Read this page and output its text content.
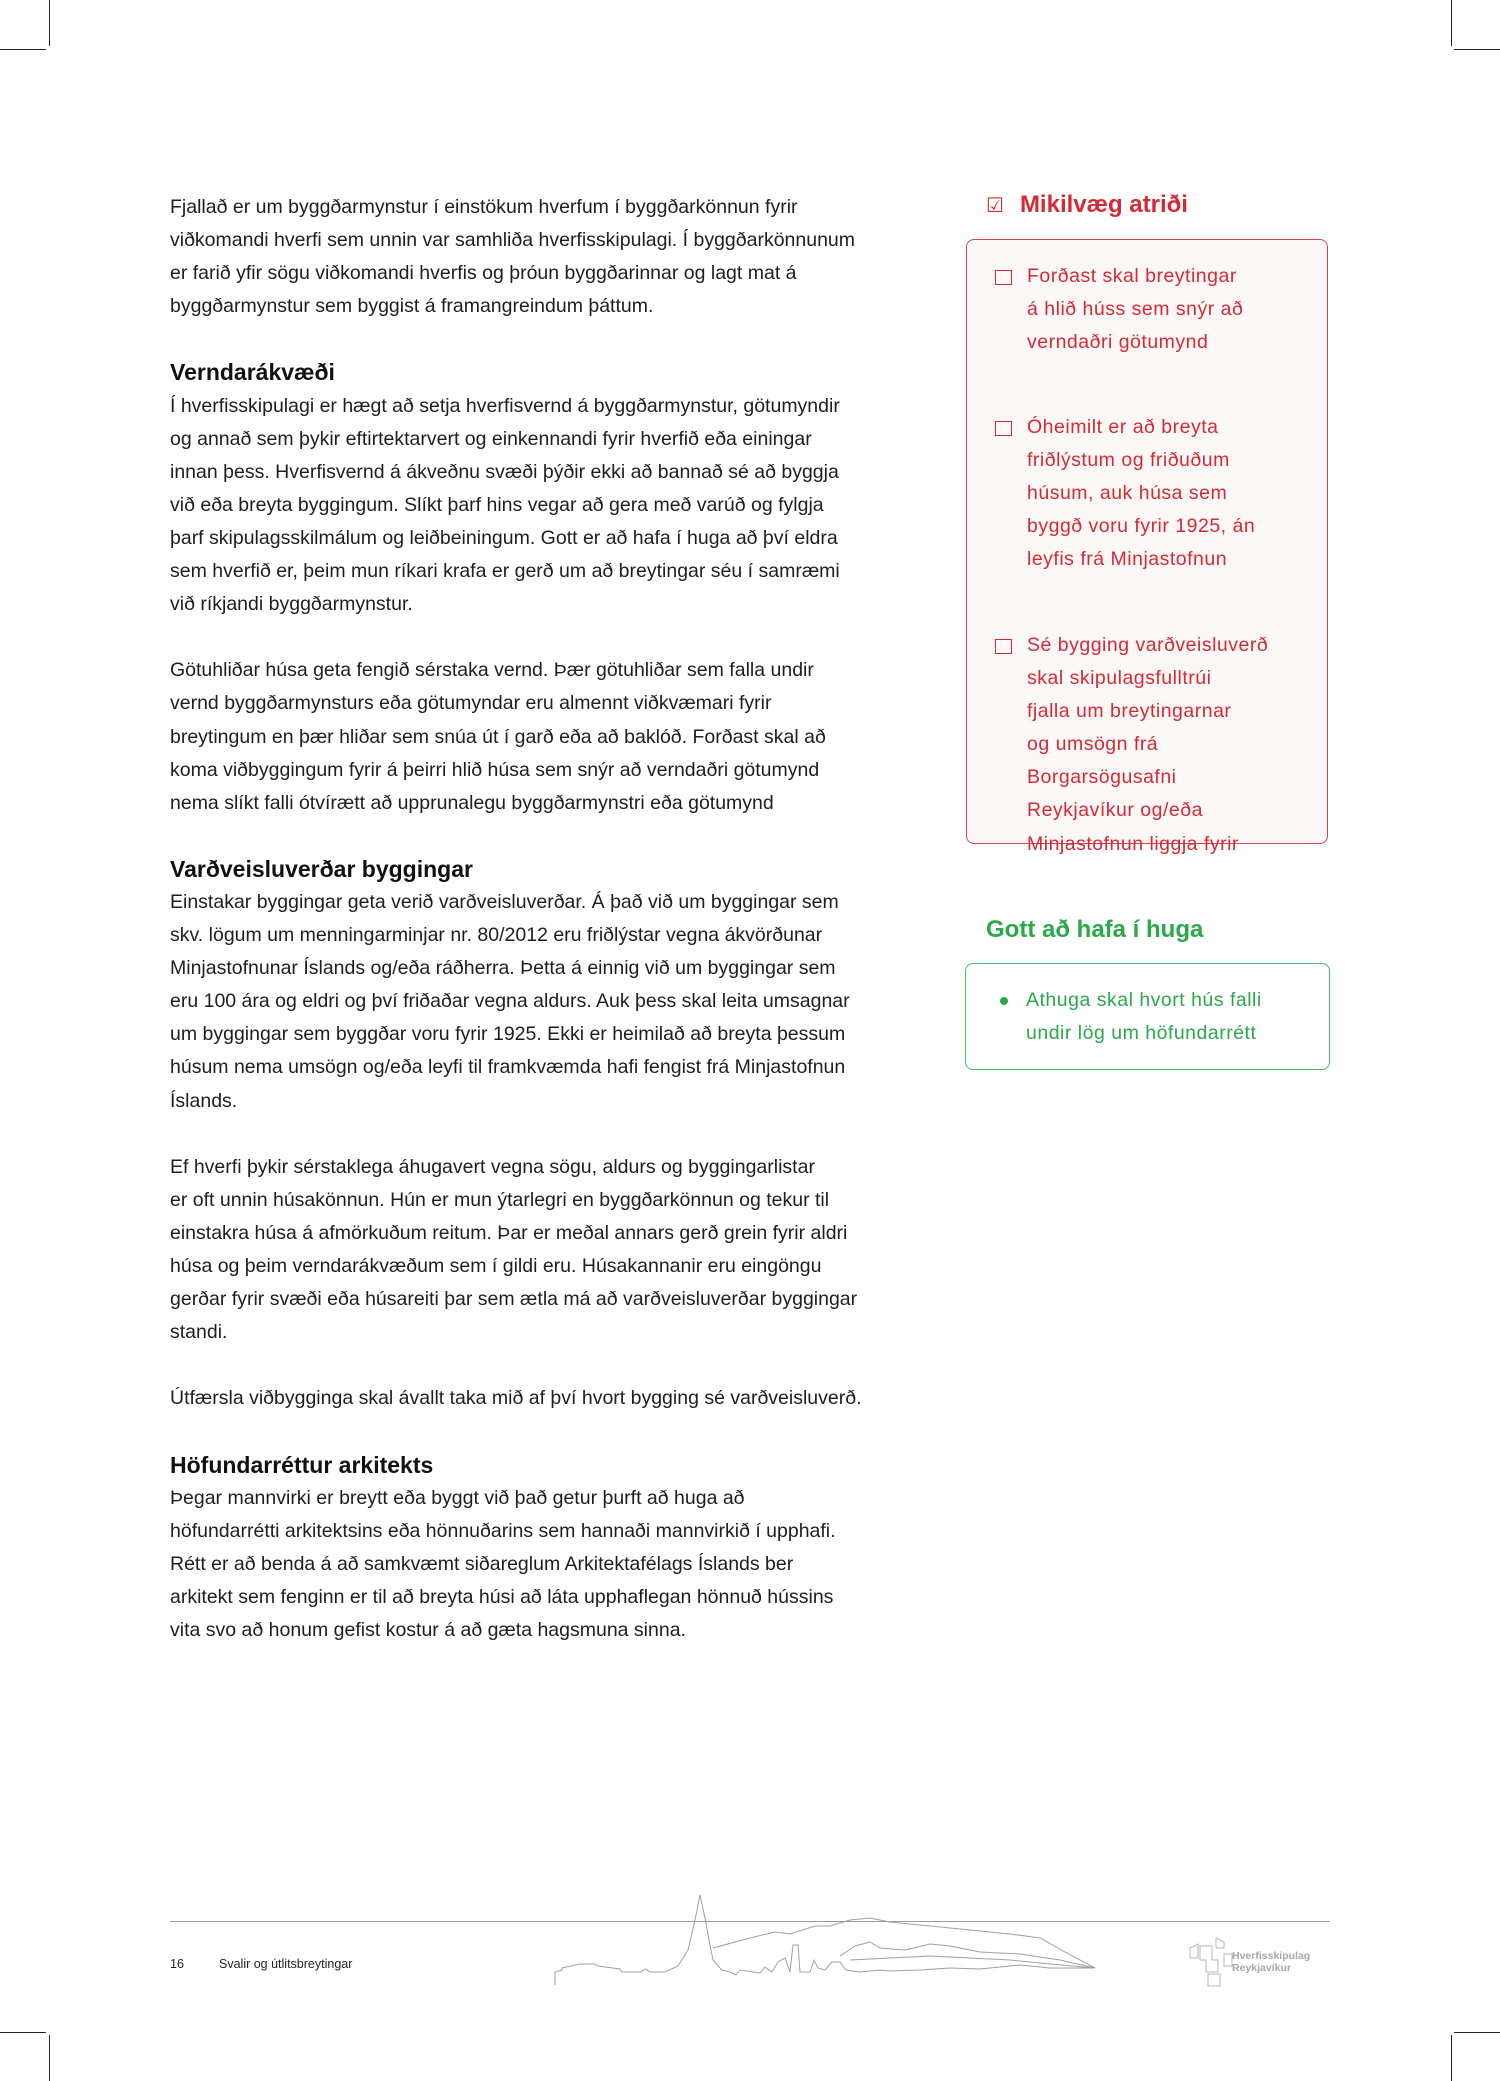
Fjallað er um byggðarmynstur í einstökum hverfum í byggðarkönnun fyrir
viðkomandi hverfi sem unnin var samhliða hverfisskipulagi. Í byggðarkönnunum
er farið yfir sögu viðkomandi hverfis og þróun byggðarinnar og lagt mat á
byggðarmynstur sem byggist á framangreindum þáttum.
Verndarákvæði
Í hverfisskipulagi er hægt að setja hverfisvernd á byggðarmynstur, götumyndir
og annað sem þykir eftirtektarvert og einkennandi fyrir hverfið eða einingar
innan þess. Hverfisvernd á ákveðnu svæði þýðir ekki að bannað sé að byggja
við eða breyta byggingum. Slíkt þarf hins vegar að gera með varúð og fylgja
þarf skipulagsskilmálum og leiðbeiningum. Gott er að hafa í huga að því eldra
sem hverfið er, þeim mun ríkari krafa er gerð um að breytingar séu í samræmi
við ríkjandi byggðarmynstur.
Götuhliðar húsa geta fengið sérstaka vernd. Þær götuhliðar sem falla undir
vernd byggðarmynsturs eða götumyndar eru almennt viðkvæmari fyrir
breytingum en þær hliðar sem snúa út í garð eða að baklóð. Forðast skal að
koma viðbyggingum fyrir á þeirri hlið húsa sem snýr að verndaðri götumynd
nema slíkt falli ótvírætt að upprunalegu byggðarmynstri eða götumynd
Varðveisluverðar byggingar
Einstakar byggingar geta verið varðveisluverðar. Á það við um byggingar sem
skv. lögum um menningarminjar nr. 80/2012 eru friðlýstar vegna ákvörðunar
Minjastofnunar Íslands og/eða ráðherra. Þetta á einnig við um byggingar sem
eru 100 ára og eldri og því friðaðar vegna aldurs. Auk þess skal leita umsagnar
um byggingar sem byggðar voru fyrir 1925. Ekki er heimilað að breyta þessum
húsum nema umsögn og/eða leyfi til framkvæmda hafi fengist frá Minjastofnun
Íslands.
Ef hverfi þykir sérstaklega áhugavert vegna sögu, aldurs og byggingarlistar
er oft unnin húsakönnun. Hún er mun ýtarlegri en byggðarkönnun og tekur til
einstakra húsa á afmörkuðum reitum. Þar er meðal annars gerð grein fyrir aldri
húsa og þeim verndarákvæðum sem í gildi eru. Húsakannanir eru eingöngu
gerðar fyrir svæði eða húsareiti þar sem ætla má að varðveisluverðar byggingar
standi.
Útfærsla viðbygginga skal ávallt taka mið af því hvort bygging sé varðveisluverð.
Höfundarréttur arkitekts
Þegar mannvirki er breytt eða byggt við það getur þurft að huga að
höfundarrétti arkitektsins eða hönnuðarins sem hannaði mannvirkið í upphafi.
Rétt er að benda á að samkvæmt siðareglum Arkitektafélags Íslands ber
arkitekt sem fenginn er til að breyta húsi að láta upphaflegan hönnuð hússins
vita svo að honum gefist kostur á að gæta hagsmuna sinna.
☑ Mikilvæg atriði
Forðast skal breytingar
á hlið húss sem snýr að
verndaðri götumynd
Óheimilt er að breyta
friðlýstum og friðuðum
húsum, auk húsa sem
byggð voru fyrir 1925, án
leyfis frá Minjastofnun
Sé bygging varðveisluverð
skal skipulagsfulltrúi
fjalla um breytingarnar
og umsögn frá
Borgarsögusafni
Reykjavíkur og/eða
Minjastofnun liggja fyrir
Gott að hafa í huga
Athuga skal hvort hús falli
undir lög um höfundarrétt
16	Svalir og útlitsbreytingar
Hverfisskipulag
Reykjavíkur
